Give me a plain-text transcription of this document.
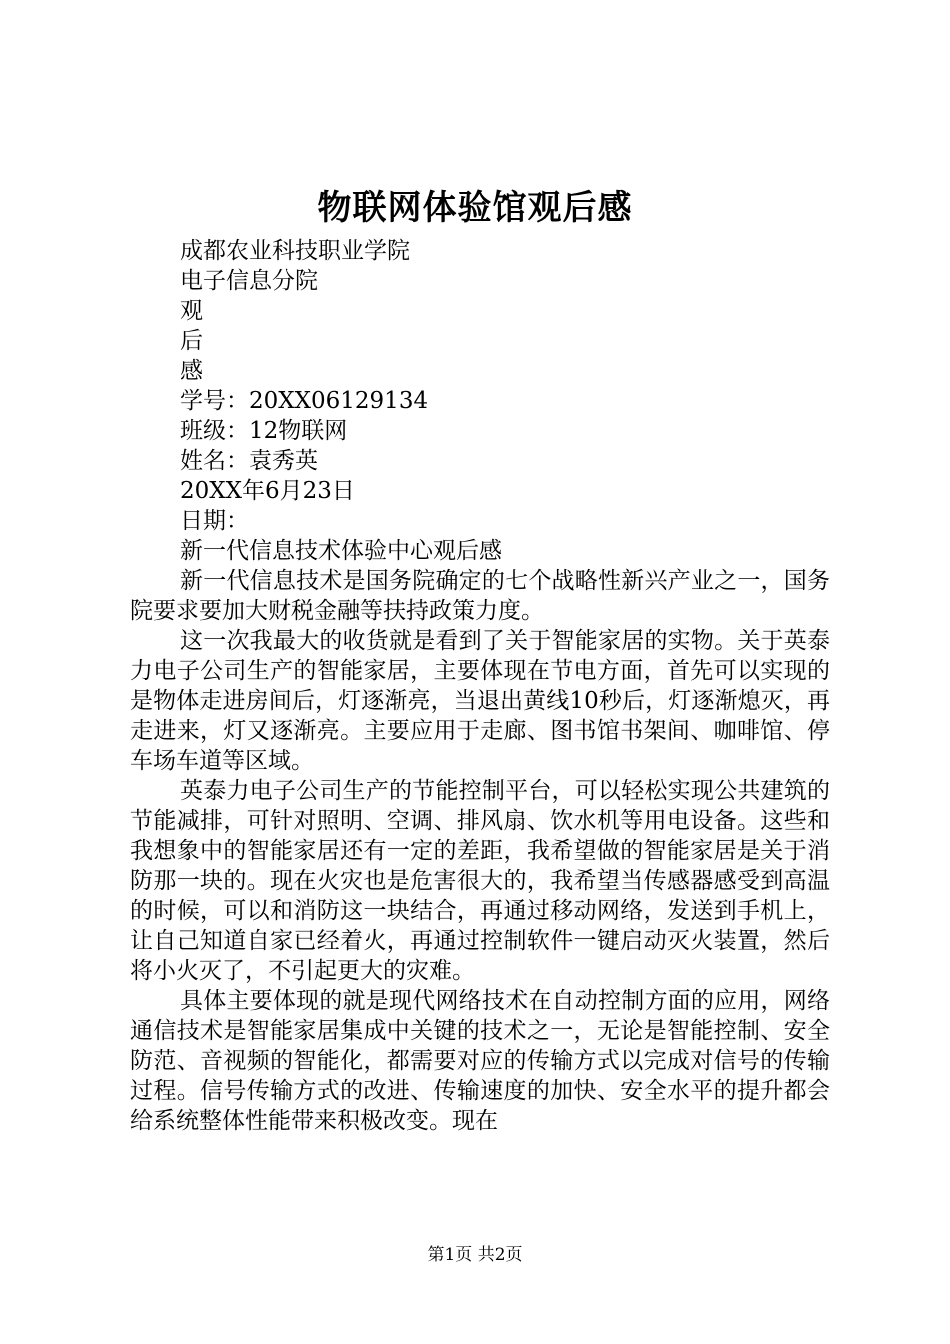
物联网体验馆观后感

成都农业科技职业学院

电子信息分院

观

后

感

学号：20XX06129134

班级：12物联网

姓名：袁秀英

20XX年6月23日

日期：

新一代信息技术体验中心观后感

新一代信息技术是国务院确定的七个战略性新兴产业之一，国务院要求要加大财税金融等扶持政策力度。

这一次我最大的收货就是看到了关于智能家居的实物。关于英泰力电子公司生产的智能家居，主要体现在节电方面，首先可以实现的是物体走进房间后，灯逐渐亮，当退出黄线10秒后，灯逐渐熄灭，再走进来，灯又逐渐亮。主要应用于走廊、图书馆书架间、咖啡馆、停车场车道等区域。

英泰力电子公司生产的节能控制平台，可以轻松实现公共建筑的节能减排，可针对照明、空调、排风扇、饮水机等用电设备。这些和我想象中的智能家居还有一定的差距，我希望做的智能家居是关于消防那一块的。现在火灾也是危害很大的，我希望当传感器感受到高温的时候，可以和消防这一块结合，再通过移动网络，发送到手机上，让自己知道自家已经着火，再通过控制软件一键启动灭火装置，然后将小火灭了，不引起更大的灾难。

具体主要体现的就是现代网络技术在自动控制方面的应用，网络通信技术是智能家居集成中关键的技术之一，无论是智能控制、安全防范、音视频的智能化，都需要对应的传输方式以完成对信号的传输过程。信号传输方式的改进、传输速度的加快、安全水平的提升都会给系统整体性能带来积极改变。现在

第1页 共2页
